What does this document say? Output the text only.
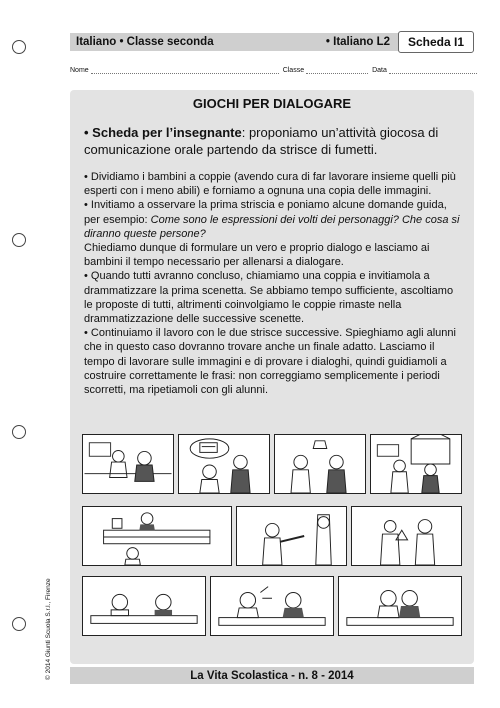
Italiano • Classe seconda	• Italiano L2	Scheda I1
Nome	Classe	Data
GIOCHI PER DIALOGARE
• Scheda per l’insegnante: proponiamo un’attività giocosa di comunicazione orale partendo da strisce di fumetti.

• Dividiamo i bambini a coppie (avendo cura di far lavorare insieme quelli più esperti con i meno abili) e forniamo a ognuna una copia delle immagini.

• Invitiamo a osservare la prima striscia e poniamo alcune domande guida, per esempio: Come sono le espressioni dei volti dei personaggi? Che cosa si diranno queste persone?

Chiediamo dunque di formulare un vero e proprio dialogo e lasciamo ai bambini il tempo necessario per allenarsi a dialogare.

• Quando tutti avranno concluso, chiamiamo una coppia e invitiamola a drammatizzare la prima scenetta. Se abbiamo tempo sufficiente, ascoltiamo le proposte di tutti, altrimenti coinvolgiamo le coppie rimaste nella drammatizzazione delle successive scenette.

• Continuiamo il lavoro con le due strisce successive. Spieghiamo agli alunni che in questo caso dovranno trovare anche un finale adatto. Lasciamo il tempo di lavorare sulle immagini e di provare i dialoghi, quindi guidiamoli a costruire correttamente le frasi: non correggiamo semplicemente i periodi scorretti, ma ripetiamoli con gli alunni.

La Vita Scolastica - n. 8 - 2014
© 2014 Giunti Scuola S.r.l., Firenze
